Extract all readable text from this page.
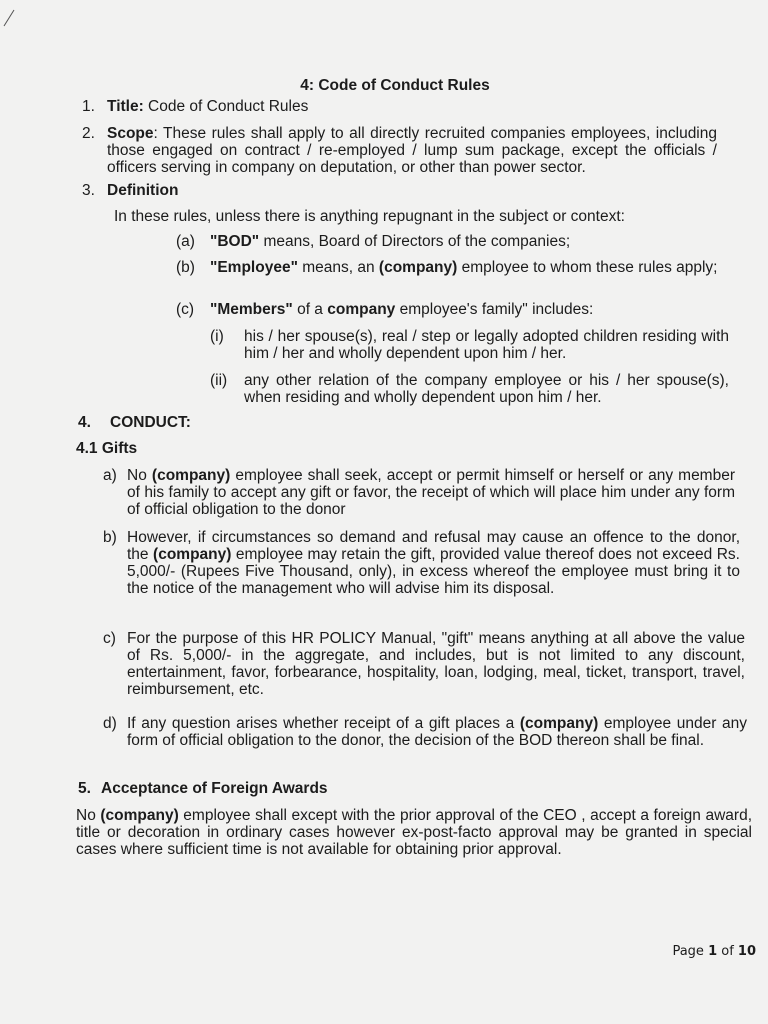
4: Code of Conduct Rules
1. Title: Code of Conduct Rules
2. Scope: These rules shall apply to all directly recruited companies employees, including those engaged on contract / re-employed / lump sum package, except the officials / officers serving in company on deputation, or other than power sector.
3. Definition
In these rules, unless there is anything repugnant in the subject or context:
(a) "BOD" means, Board of Directors of the companies;
(b) "Employee" means, an (company) employee to whom these rules apply;
(c) "Members" of a company employee's family" includes:
(i) his / her spouse(s), real / step or legally adopted children residing with him / her and wholly dependent upon him / her.
(ii) any other relation of the company employee or his / her spouse(s), when residing and wholly dependent upon him / her.
4. CONDUCT:
4.1 Gifts
a) No (company) employee shall seek, accept or permit himself or herself or any member of his family to accept any gift or favor, the receipt of which will place him under any form of official obligation to the donor
b) However, if circumstances so demand and refusal may cause an offence to the donor, the (company) employee may retain the gift, provided value thereof does not exceed Rs. 5,000/- (Rupees Five Thousand, only), in excess whereof the employee must bring it to the notice of the management who will advise him its disposal.
c) For the purpose of this HR POLICY Manual, "gift" means anything at all above the value of Rs. 5,000/- in the aggregate, and includes, but is not limited to any discount, entertainment, favor, forbearance, hospitality, loan, lodging, meal, ticket, transport, travel, reimbursement, etc.
d) If any question arises whether receipt of a gift places a (company) employee under any form of official obligation to the donor, the decision of the BOD thereon shall be final.
5. Acceptance of Foreign Awards
No (company) employee shall except with the prior approval of the CEO , accept a foreign award, title or decoration in ordinary cases however ex-post-facto approval may be granted in special cases where sufficient time is not available for obtaining prior approval.
Page 1 of 10
